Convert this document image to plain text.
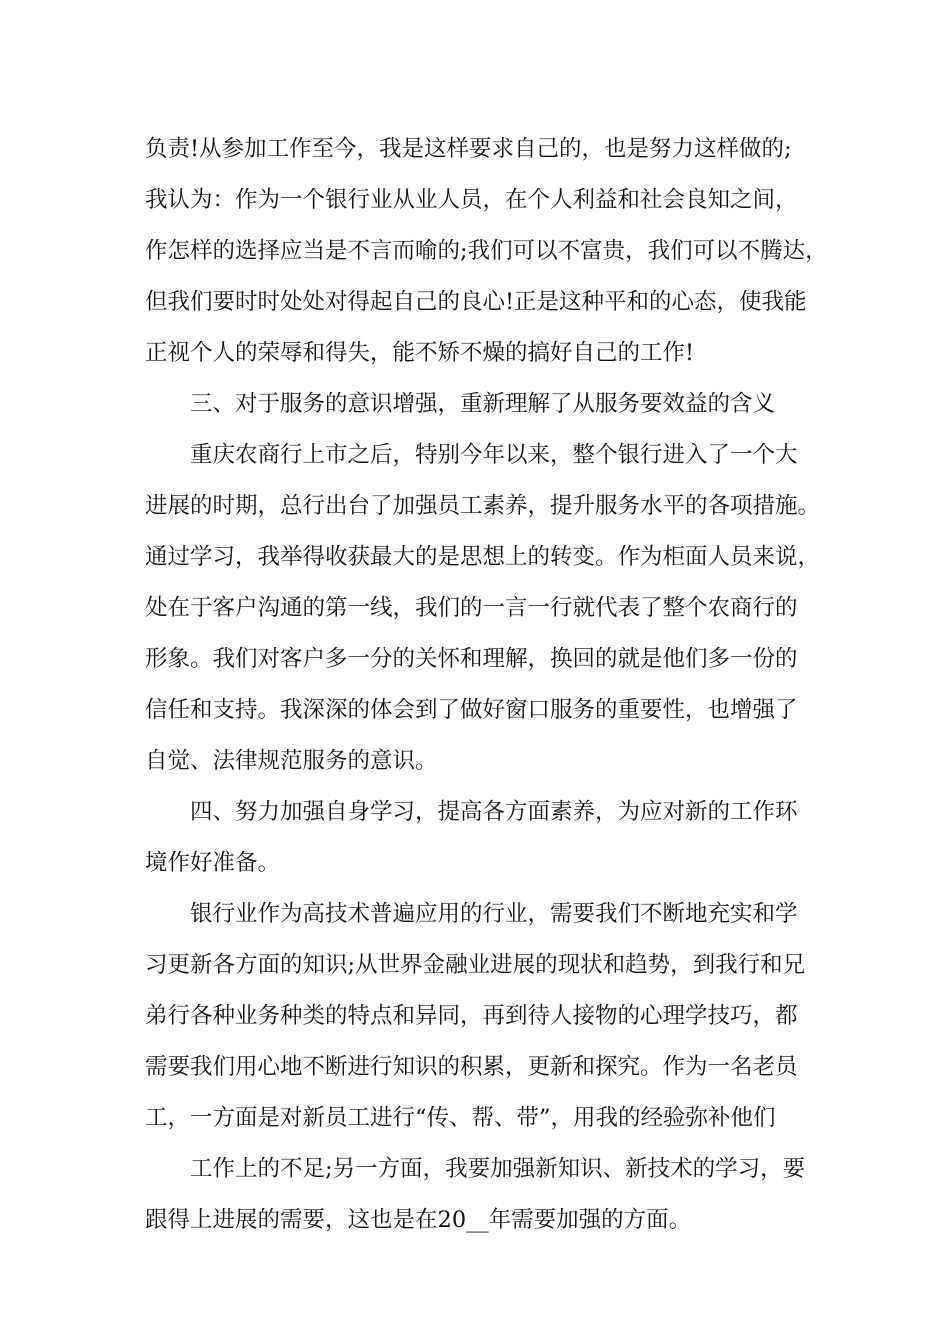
负责!从参加工作至今，我是这样要求自己的，也是努力这样做的;
我认为：作为一个银行业从业人员，在个人利益和社会良知之间，
作怎样的选择应当是不言而喻的;我们可以不富贵，我们可以不腾达，
但我们要时时处处对得起自己的良心!正是这种平和的心态，使我能
正视个人的荣辱和得失，能不矫不燥的搞好自己的工作!
三、对于服务的意识增强，重新理解了从服务要效益的含义
重庆农商行上市之后，特别今年以来，整个银行进入了一个大
进展的时期，总行出台了加强员工素养，提升服务水平的各项措施。
通过学习，我举得收获最大的是思想上的转变。作为柜面人员来说，
处在于客户沟通的第一线，我们的一言一行就代表了整个农商行的
形象。我们对客户多一分的关怀和理解，换回的就是他们多一份的
信任和支持。我深深的体会到了做好窗口服务的重要性，也增强了
自觉、法律规范服务的意识。
四、努力加强自身学习，提高各方面素养，为应对新的工作环
境作好准备。
银行业作为高技术普遍应用的行业，需要我们不断地充实和学
习更新各方面的知识;从世界金融业进展的现状和趋势，到我行和兄
弟行各种业务种类的特点和异同，再到待人接物的心理学技巧，都
需要我们用心地不断进行知识的积累，更新和探究。作为一名老员
工，一方面是对新员工进行“传、帮、带”，用我的经验弥补他们
工作上的不足;另一方面，我要加强新知识、新技术的学习，要
跟得上进展的需要，这也是在20__年需要加强的方面。
